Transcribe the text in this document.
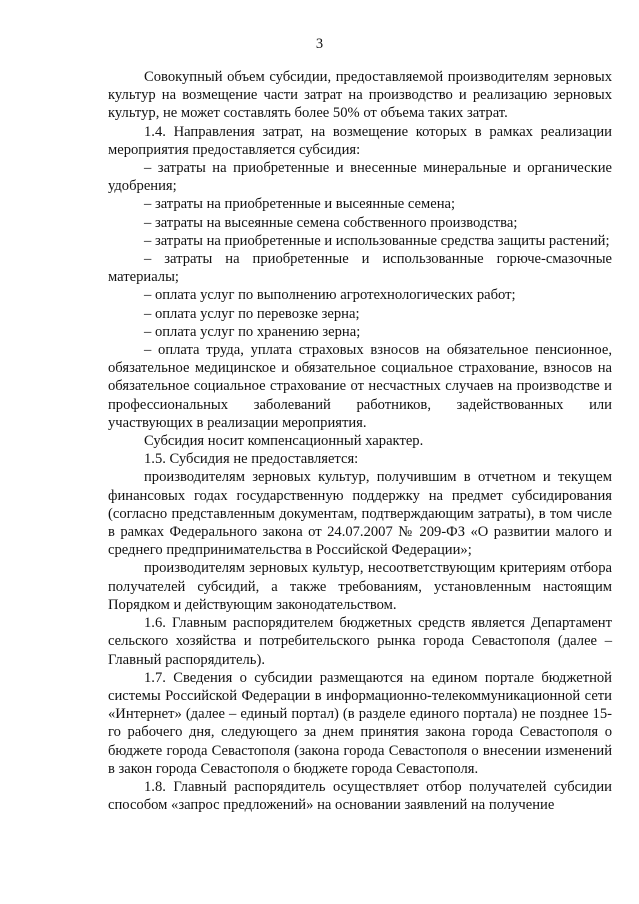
3

Совокупный объем субсидии, предоставляемой производителям зерновых культур на возмещение части затрат на производство и реализацию зерновых культур, не может составлять более 50% от объема таких затрат.

1.4. Направления затрат, на возмещение которых в рамках реализации мероприятия предоставляется субсидия:

– затраты на приобретенные и внесенные минеральные и органические удобрения;

– затраты на приобретенные и высеянные семена;

– затраты на высеянные семена собственного производства;

– затраты на приобретенные и использованные средства защиты растений;

– затраты на приобретенные и использованные горюче-смазочные материалы;

– оплата услуг по выполнению агротехнологических работ;

– оплата услуг по перевозке зерна;

– оплата услуг по хранению зерна;

– оплата труда, уплата страховых взносов на обязательное пенсионное, обязательное медицинское и обязательное социальное страхование, взносов на обязательное социальное страхование от несчастных случаев на производстве и профессиональных заболеваний работников, задействованных или участвующих в реализации мероприятия.

Субсидия носит компенсационный характер.

1.5. Субсидия не предоставляется:

производителям зерновых культур, получившим в отчетном и текущем финансовых годах государственную поддержку на предмет субсидирования (согласно представленным документам, подтверждающим затраты), в том числе в рамках Федерального закона от 24.07.2007 № 209-ФЗ «О развитии малого и среднего предпринимательства в Российской Федерации»;

производителям зерновых культур, несоответствующим критериям отбора получателей субсидий, а также требованиям, установленным настоящим Порядком и действующим законодательством.

1.6. Главным распорядителем бюджетных средств является Департамент сельского хозяйства и потребительского рынка города Севастополя (далее – Главный распорядитель).

1.7. Сведения о субсидии размещаются на едином портале бюджетной системы Российской Федерации в информационно-телекоммуникационной сети «Интернет» (далее – единый портал) (в разделе единого портала) не позднее 15-го рабочего дня, следующего за днем принятия закона города Севастополя о бюджете города Севастополя (закона города Севастополя о внесении изменений в закон города Севастополя о бюджете города Севастополя.

1.8. Главный распорядитель осуществляет отбор получателей субсидии способом «запрос предложений» на основании заявлений на получение
